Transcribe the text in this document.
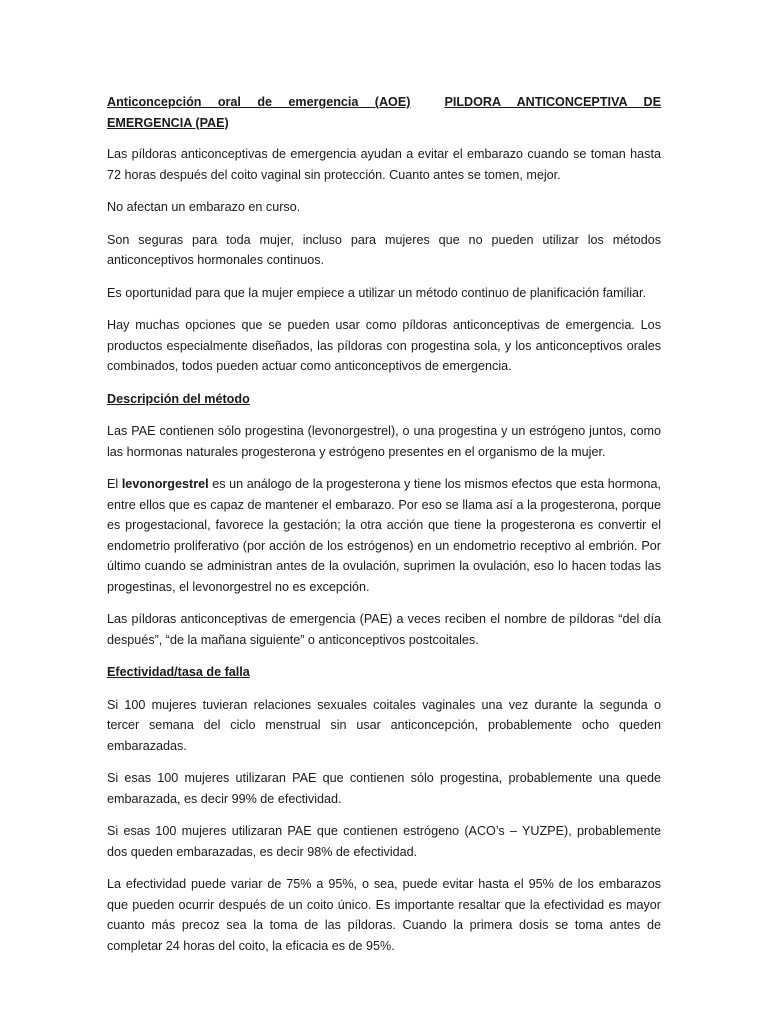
Anticoncepción oral de emergencia (AOE)	PILDORA ANTICONCEPTIVA DE EMERGENCIA (PAE)

Las píldoras anticonceptivas de emergencia ayudan a evitar el embarazo cuando se toman hasta 72 horas después del coito vaginal sin protección. Cuanto antes se tomen, mejor.

No afectan un embarazo en curso.

Son seguras para toda mujer, incluso para mujeres que no pueden utilizar los métodos anticonceptivos hormonales continuos.

Es oportunidad para que la mujer empiece a utilizar un método continuo de planificación familiar.

Hay muchas opciones que se pueden usar como píldoras anticonceptivas de emergencia. Los productos especialmente diseñados, las píldoras con progestina sola, y los anticonceptivos orales combinados, todos pueden actuar como anticonceptivos de emergencia.

Descripción del método

Las PAE contienen sólo progestina (levonorgestrel), o una progestina y un estrógeno juntos, como las hormonas naturales progesterona y estrógeno presentes en el organismo de la mujer.

El levonorgestrel es un análogo de la progesterona y tiene los mismos efectos que esta hormona, entre ellos que es capaz de mantener el embarazo. Por eso se llama así a la progesterona, porque es progestacional, favorece la gestación; la otra acción que tiene la progesterona es convertir el endometrio proliferativo (por acción de los estrógenos) en un endometrio receptivo al embrión. Por último cuando se administran antes de la ovulación, suprimen la ovulación, eso lo hacen todas las progestinas, el levonorgestrel no es excepción.

Las píldoras anticonceptivas de emergencia (PAE) a veces reciben el nombre de píldoras “del día después”, “de la mañana siguiente” o anticonceptivos postcoitales.

Efectividad/tasa de falla

Si 100 mujeres tuvieran relaciones sexuales coitales vaginales una vez durante la segunda o tercer semana del ciclo menstrual sin usar anticoncepción, probablemente ocho queden embarazadas.

Si esas 100 mujeres utilizaran PAE que contienen sólo progestina, probablemente una quede embarazada, es decir 99% de efectividad.

Si esas 100 mujeres utilizaran PAE que contienen estrógeno (ACO’s – YUZPE), probablemente dos queden embarazadas, es decir 98% de efectividad.

La efectividad puede variar de 75% a 95%, o sea, puede evitar hasta el 95% de los embarazos que pueden ocurrir después de un coito único. Es importante resaltar que la efectividad es mayor cuanto más precoz sea la toma de las píldoras. Cuando la primera dosis se toma antes de completar 24 horas del coito, la eficacia es de 95%.
